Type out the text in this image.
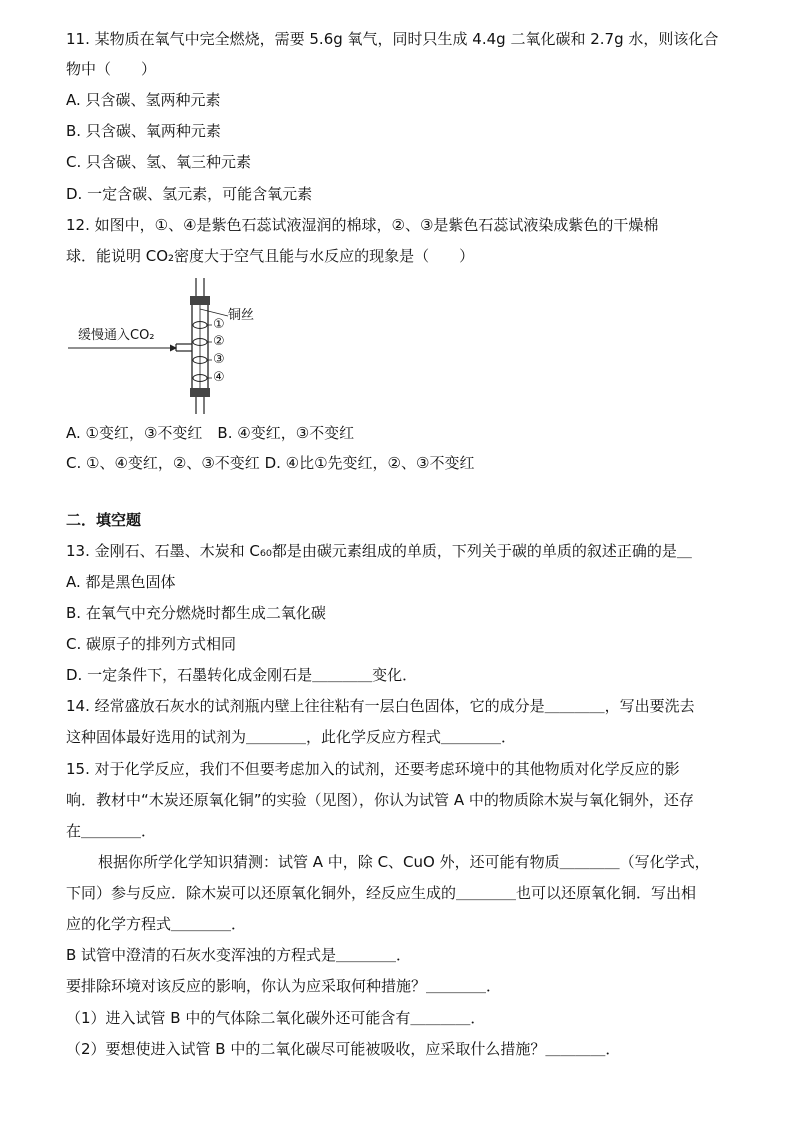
11. 某物质在氧气中完全燃烧，需要 5.6g 氧气，同时只生成 4.4g 二氧化碳和 2.7g 水，则该化合
物中（　　）
A. 只含碳、氢两种元素
B. 只含碳、氧两种元素
C. 只含碳、氢、氧三种元素
D. 一定含碳、氢元素，可能含氧元素
12. 如图中，①、④是紫色石蕊试液湿润的棉球，②、③是紫色石蕊试液染成紫色的干燥棉
球．能说明 CO₂密度大于空气且能与水反应的现象是（　　）
缓慢通入CO₂
铜丝
①
②
③
④
A. ①变红，③不变红　B. ④变红，③不变红
C. ①、④变红，②、③不变红 D. ④比①先变红，②、③不变红
二．填空题
13. 金刚石、石墨、木炭和 C₆₀都是由碳元素组成的单质，下列关于碳的单质的叙述正确的是＿
A. 都是黑色固体
B. 在氧气中充分燃烧时都生成二氧化碳
C. 碳原子的排列方式相同
D. 一定条件下，石墨转化成金刚石是＿＿＿＿变化．
14. 经常盛放石灰水的试剂瓶内壁上往往粘有一层白色固体，它的成分是＿＿＿＿，写出要洗去
这种固体最好选用的试剂为＿＿＿＿，此化学反应方程式＿＿＿＿．
15. 对于化学反应，我们不但要考虑加入的试剂，还要考虑环境中的其他物质对化学反应的影
响．教材中“木炭还原氧化铜”的实验（见图），你认为试管 A 中的物质除木炭与氧化铜外，还存
在＿＿＿＿．
根据你所学化学知识猜测：试管 A 中，除 C、CuO 外，还可能有物质＿＿＿＿（写化学式，
下同）参与反应．除木炭可以还原氧化铜外，经反应生成的＿＿＿＿也可以还原氧化铜．写出相
应的化学方程式＿＿＿＿．
B 试管中澄清的石灰水变浑浊的方程式是＿＿＿＿．
要排除环境对该反应的影响，你认为应采取何种措施？＿＿＿＿．
（1）进入试管 B 中的气体除二氧化碳外还可能含有＿＿＿＿．
（2）要想使进入试管 B 中的二氧化碳尽可能被吸收，应采取什么措施？＿＿＿＿．
